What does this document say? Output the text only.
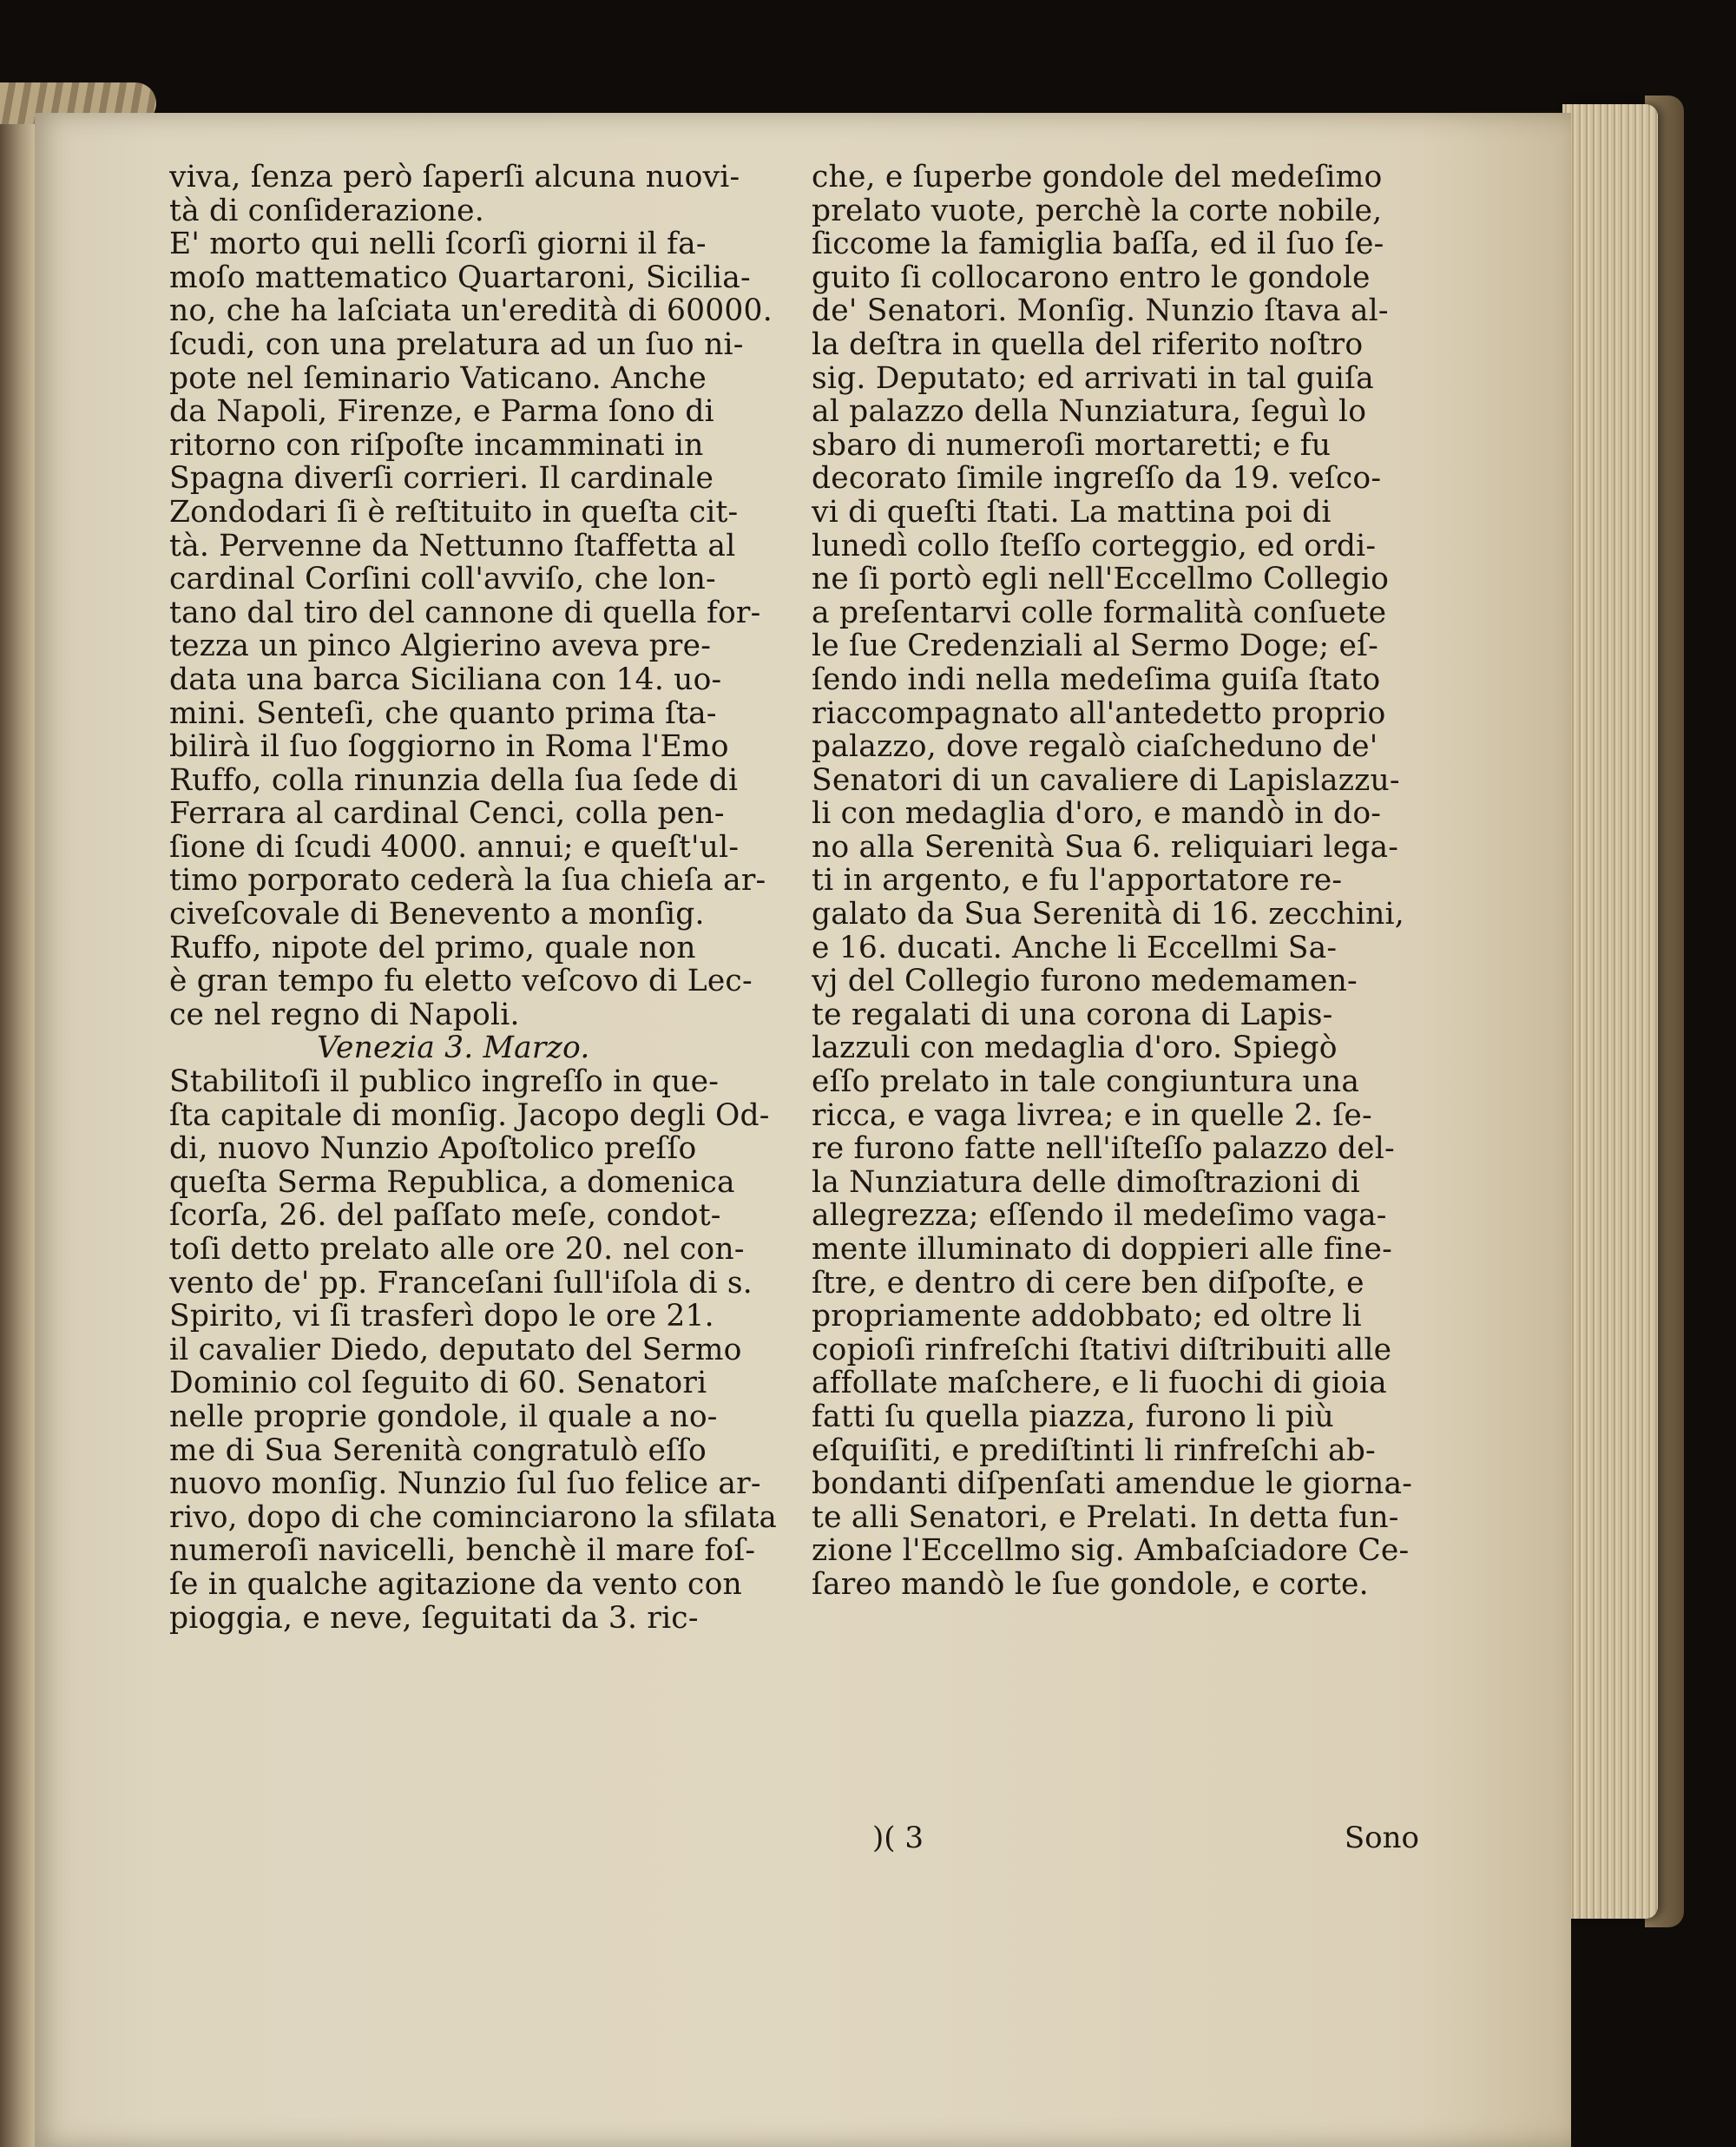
viva, ſenza però ſaperſi alcuna nuovi-
tà di conſiderazione.
E' morto qui nelli ſcorſi giorni il fa-
moſo mattematico Quartaroni, Sicilia-
no, che ha laſciata un'eredità di 60000.
ſcudi, con una prelatura ad un ſuo ni-
pote nel ſeminario Vaticano. Anche
da Napoli, Firenze, e Parma ſono di
ritorno con riſpoſte incamminati in
Spagna diverſi corrieri. Il cardinale
Zondodari ſi è reſtituito in queſta cit-
tà. Pervenne da Nettunno ſtaffetta al
cardinal Corſini coll'avviſo, che lon-
tano dal tiro del cannone di quella for-
tezza un pinco Algierino aveva pre-
data una barca Siciliana con 14. uo-
mini. Senteſi, che quanto prima ſta-
bilirà il ſuo ſoggiorno in Roma l'Emo
Ruffo, colla rinunzia della ſua ſede di
Ferrara al cardinal Cenci, colla pen-
ſione di ſcudi 4000. annui; e queſt'ul-
timo porporato cederà la ſua chieſa ar-
civeſcovale di Benevento a monſig.
Ruffo, nipote del primo, quale non
è gran tempo fu eletto veſcovo di Lec-
ce nel regno di Napoli.
Venezia 3. Marzo.
Stabilitoſi il publico ingreſſo in que-
ſta capitale di monſig. Jacopo degli Od-
di, nuovo Nunzio Apoſtolico preſſo
queſta Serma Republica, a domenica
ſcorſa, 26. del paſſato meſe, condot-
toſi detto prelato alle ore 20. nel con-
vento de' pp. Franceſani ſull'iſola di s.
Spirito, vi ſi trasferì dopo le ore 21.
il cavalier Diedo, deputato del Sermo
Dominio col ſeguito di 60. Senatori
nelle proprie gondole, il quale a no-
me di Sua Serenità congratulò eſſo
nuovo monſig. Nunzio ſul ſuo felice ar-
rivo, dopo di che cominciarono la sfilata
numeroſi navicelli, benchè il mare foſ-
ſe in qualche agitazione da vento con
pioggia, e neve, ſeguitati da 3. ric-
che, e ſuperbe gondole del medeſimo
prelato vuote, perchè la corte nobile,
ſiccome la famiglia baſſa, ed il ſuo ſe-
guito ſi collocarono entro le gondole
de' Senatori. Monſig. Nunzio ſtava al-
la deſtra in quella del riferito noſtro
sig. Deputato; ed arrivati in tal guiſa
al palazzo della Nunziatura, ſeguì lo
sbaro di numeroſi mortaretti; e fu
decorato ſimile ingreſſo da 19. veſco-
vi di queſti ſtati. La mattina poi di
lunedì collo ſteſſo corteggio, ed ordi-
ne ſi portò egli nell'Eccellmo Collegio
a preſentarvi colle formalità conſuete
le ſue Credenziali al Sermo Doge; eſ-
ſendo indi nella medeſima guiſa ſtato
riaccompagnato all'antedetto proprio
palazzo, dove regalò ciaſcheduno de'
Senatori di un cavaliere di Lapislazzu-
li con medaglia d'oro, e mandò in do-
no alla Serenità Sua 6. reliquiari lega-
ti in argento, e fu l'apportatore re-
galato da Sua Serenità di 16. zecchini,
e 16. ducati. Anche li Eccellmi Sa-
vj del Collegio furono medemamen-
te regalati di una corona di Lapis-
lazzuli con medaglia d'oro. Spiegò
eſſo prelato in tale congiuntura una
ricca, e vaga livrea; e in quelle 2. ſe-
re furono fatte nell'iſteſſo palazzo del-
la Nunziatura delle dimoſtrazioni di
allegrezza; eſſendo il medeſimo vaga-
mente illuminato di doppieri alle fine-
ſtre, e dentro di cere ben diſpoſte, e
propriamente addobbato; ed oltre li
copioſi rinfreſchi ſtativi diſtribuiti alle
affollate maſchere, e li fuochi di gioia
fatti ſu quella piazza, furono li più
eſquiſiti, e prediſtinti li rinfreſchi ab-
bondanti diſpenſati amendue le giorna-
te alli Senatori, e Prelati. In detta fun-
zione l'Eccellmo sig. Ambaſciadore Ce-
ſareo mandò le ſue gondole, e corte.
)( 3	Sono
